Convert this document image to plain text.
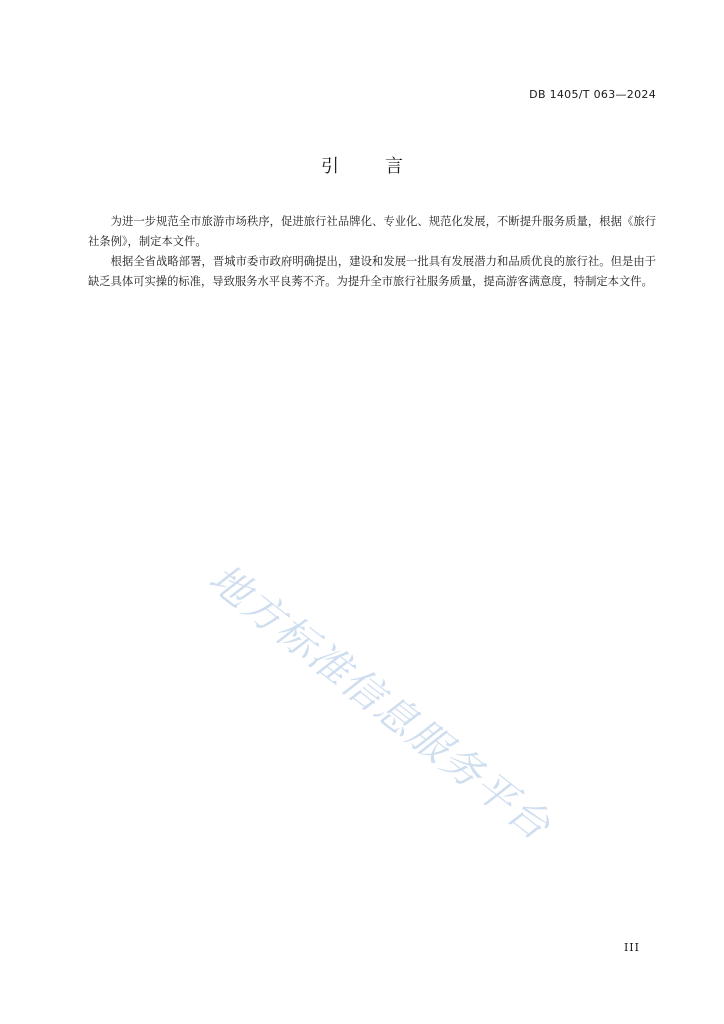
DB 1405/T 063—2024
引言

为进一步规范全市旅游市场秩序，促进旅行社品牌化、专业化、规范化发展，不断提升服务质量，根据《旅行社条例》，制定本文件。

根据全省战略部署，晋城市委市政府明确提出，建设和发展一批具有发展潜力和品质优良的旅行社。但是由于缺乏具体可实操的标准，导致服务水平良莠不齐。为提升全市旅行社服务质量，提高游客满意度，特制定本文件。

地方标准信息服务平台
III
